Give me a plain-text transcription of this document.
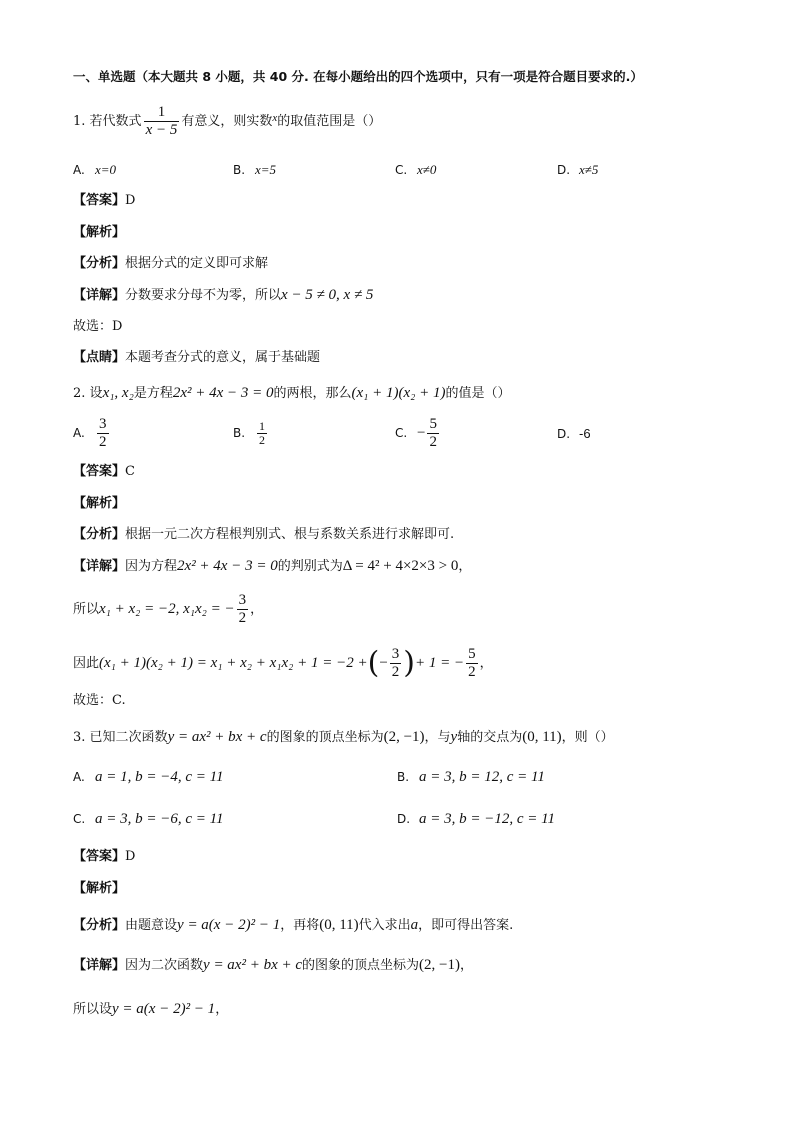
一、单选题（本大题共 8 小题，共 40 分. 在每小题给出的四个选项中，只有一项是符合题目要求的.）
1. 若代数式 $\frac{1}{x - 5}$ 有意义，则实数$^x$的取值范围是（）
A. x=0	B. x=5	C. x≠0	D. x≠5
【答案】D
【解析】
【分析】根据分式的定义即可求解
【详解】分数要求分母不为零，所以x − 5 ≠ 0, x ≠ 5
故选：D
【点睛】本题考查分式的意义，属于基础题
2. 设x₁, x₂是方程2x² + 4x − 3 = 0的两根，那么(x₁ + 1)(x₂ + 1)的值是（）
A. $\frac{3}{2}$	B. $\frac{1}{2}$	C. − $\frac{5}{2}$	D. -6
【答案】C
【解析】
【分析】根据一元二次方程根判别式、根与系数关系进行求解即可.
【详解】因为方程2x² + 4x − 3 = 0的判别式为Δ = 4² + 4×2×3 > 0，
所以x₁ + x₂ = −2, x₁x₂ = − $\frac{3}{2}$ ，
因此(x₁ + 1)(x₂ + 1) = x₁ + x₂ + x₁x₂ + 1 = −2 +(− $\frac{3}{2}$ )+ 1 = − $\frac{5}{2}$ ，
故选：C.
3. 已知二次函数y = ax² + bx + c的图象的顶点坐标为(2, −1)，与y轴的交点为(0, 11)，则（）
A. a = 1, b = −4, c = 11	B. a = 3, b = 12, c = 11
C. a = 3, b = −6, c = 11	D. a = 3, b = −12, c = 11
【答案】D
【解析】
【分析】由题意设y = a(x − 2)² − 1，再将(0, 11)代入求出a，即可得出答案.
【详解】因为二次函数y = ax² + bx + c的图象的顶点坐标为(2, −1)，
所以设y = a(x − 2)² − 1，
